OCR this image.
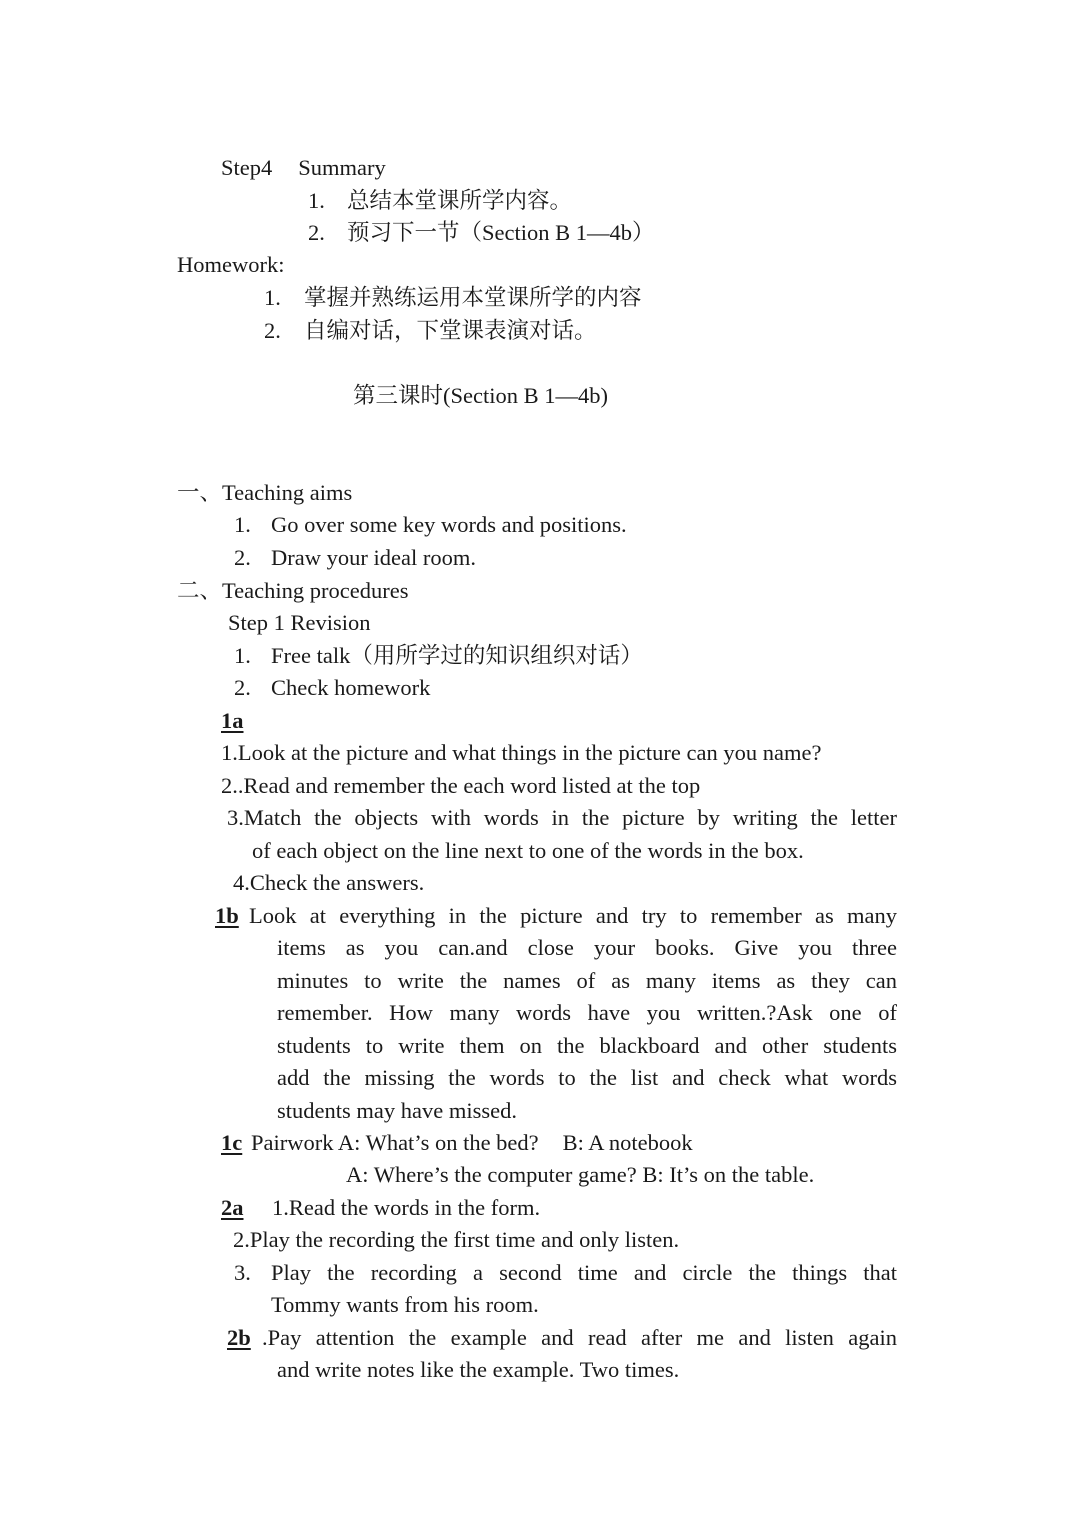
Step4 Summary
1. 总结本堂课所学内容。
2. 预习下一节（Section B 1—4b）
Homework:
1. 掌握并熟练运用本堂课所学的内容
2. 自编对话，下堂课表演对话。
第三课时(Section B 1—4b)
一、Teaching aims
1. Go over some key words and positions.
2. Draw your ideal room.
二、Teaching procedures
Step 1 Revision
1. Free talk（用所学过的知识组织对话）
2. Check homework
1a
1.Look at the picture and what things in the picture can you name?
2..Read and remember the each word listed at the top
3.Match the objects with words in the picture by writing the letter
of each object on the line next to one of the words in the box.
4.Check the answers.
1b Look at everything in the picture and try to remember as many
items as you can.and close your books. Give you three
minutes to write the names of as many items as they can
remember. How many words have you written.?Ask one of
students to write them on the blackboard and other students
add the missing the words to the list and check what words
students may have missed.
1c Pairwork A: What’s on the bed? B: A notebook
A: Where’s the computer game? B: It’s on the table.
2a	1.Read the words in the form.
2.Play the recording the first time and only listen.
3. Play the recording a second time and circle the things that
Tommy wants from his room.
2b .Pay attention the example and read after me and listen again
and write notes like the example. Two times.
